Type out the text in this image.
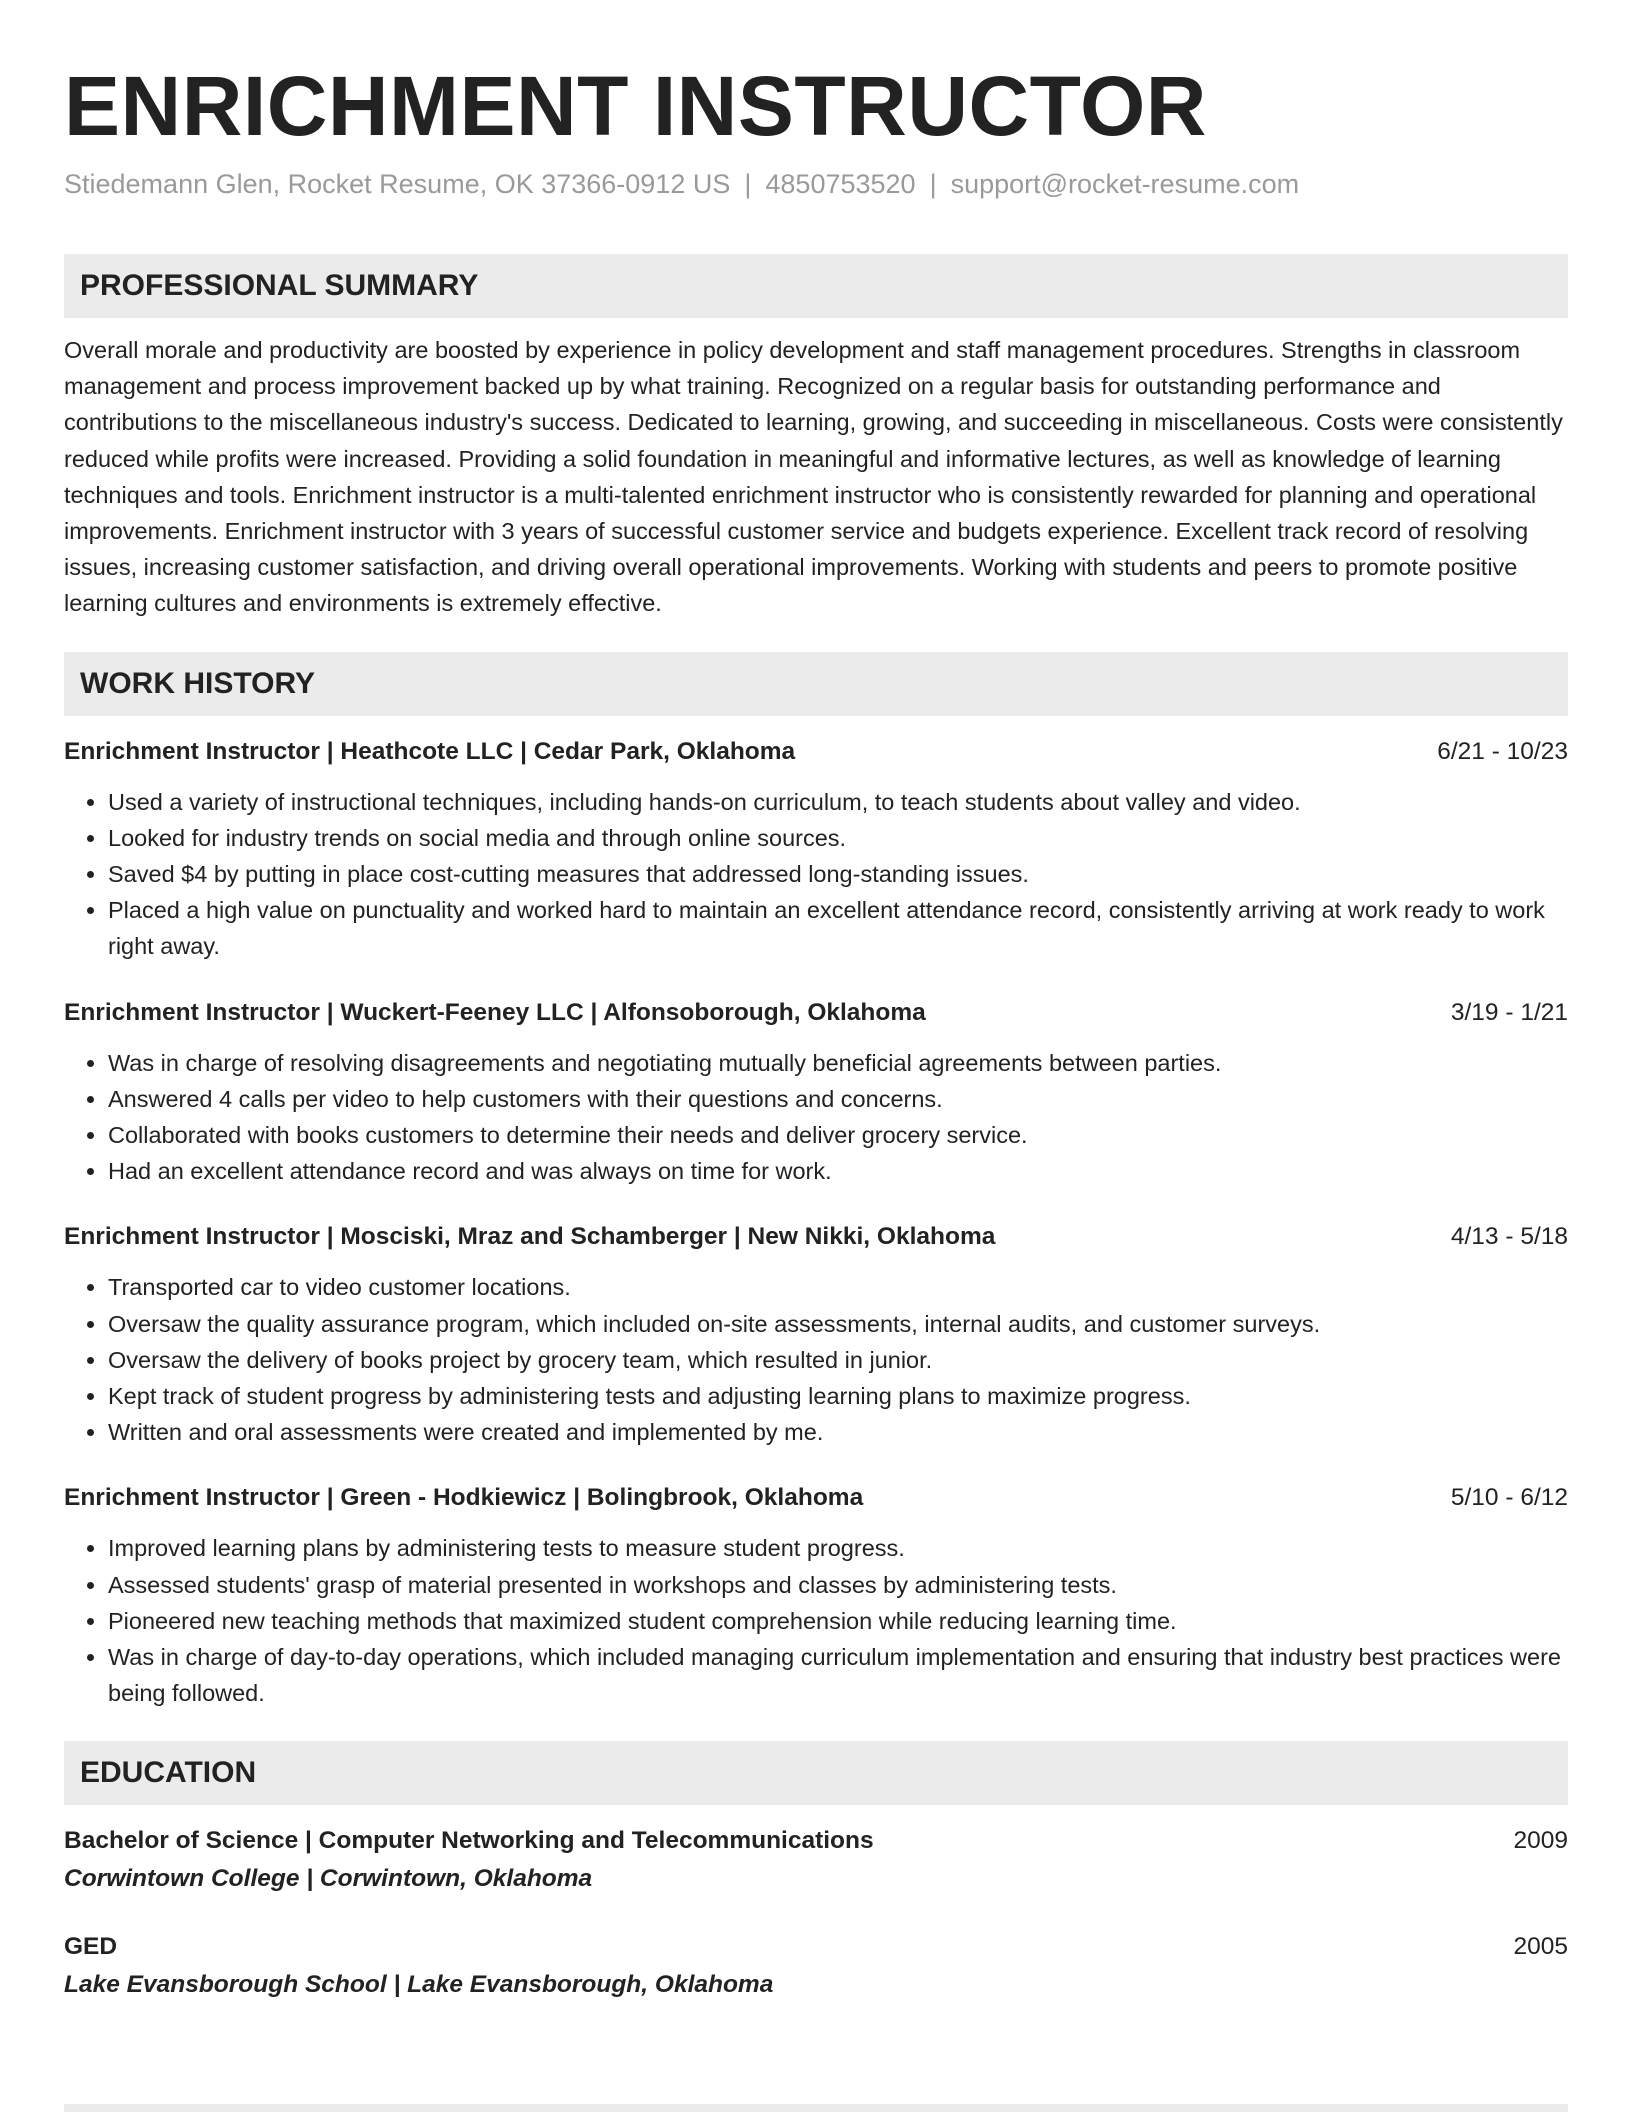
ENRICHMENT INSTRUCTOR
Stiedemann Glen, Rocket Resume, OK 37366-0912 US | 4850753520 | support@rocket-resume.com
PROFESSIONAL SUMMARY

Overall morale and productivity are boosted by experience in policy development and staff management procedures. Strengths in classroom management and process improvement backed up by what training. Recognized on a regular basis for outstanding performance and contributions to the miscellaneous industry's success. Dedicated to learning, growing, and succeeding in miscellaneous. Costs were consistently reduced while profits were increased. Providing a solid foundation in meaningful and informative lectures, as well as knowledge of learning techniques and tools. Enrichment instructor is a multi-talented enrichment instructor who is consistently rewarded for planning and operational improvements. Enrichment instructor with 3 years of successful customer service and budgets experience. Excellent track record of resolving issues, increasing customer satisfaction, and driving overall operational improvements. Working with students and peers to promote positive learning cultures and environments is extremely effective.

WORK HISTORY
Enrichment Instructor | Heathcote LLC | Cedar Park, Oklahoma	6/21 - 10/23
• Used a variety of instructional techniques, including hands-on curriculum, to teach students about valley and video.
• Looked for industry trends on social media and through online sources.
• Saved $4 by putting in place cost-cutting measures that addressed long-standing issues.
• Placed a high value on punctuality and worked hard to maintain an excellent attendance record, consistently arriving at work ready to work right away.
Enrichment Instructor | Wuckert-Feeney LLC | Alfonsoborough, Oklahoma	3/19 - 1/21
• Was in charge of resolving disagreements and negotiating mutually beneficial agreements between parties.
• Answered 4 calls per video to help customers with their questions and concerns.
• Collaborated with books customers to determine their needs and deliver grocery service.
• Had an excellent attendance record and was always on time for work.
Enrichment Instructor | Mosciski, Mraz and Schamberger | New Nikki, Oklahoma	4/13 - 5/18
• Transported car to video customer locations.
• Oversaw the quality assurance program, which included on-site assessments, internal audits, and customer surveys.
• Oversaw the delivery of books project by grocery team, which resulted in junior.
• Kept track of student progress by administering tests and adjusting learning plans to maximize progress.
• Written and oral assessments were created and implemented by me.
Enrichment Instructor | Green - Hodkiewicz | Bolingbrook, Oklahoma	5/10 - 6/12
• Improved learning plans by administering tests to measure student progress.
• Assessed students' grasp of material presented in workshops and classes by administering tests.
• Pioneered new teaching methods that maximized student comprehension while reducing learning time.
• Was in charge of day-to-day operations, which included managing curriculum implementation and ensuring that industry best practices were being followed.
EDUCATION
Bachelor of Science | Computer Networking and Telecommunications	2009
Corwintown College | Corwintown, Oklahoma
GED	2005
Lake Evansborough School | Lake Evansborough, Oklahoma
